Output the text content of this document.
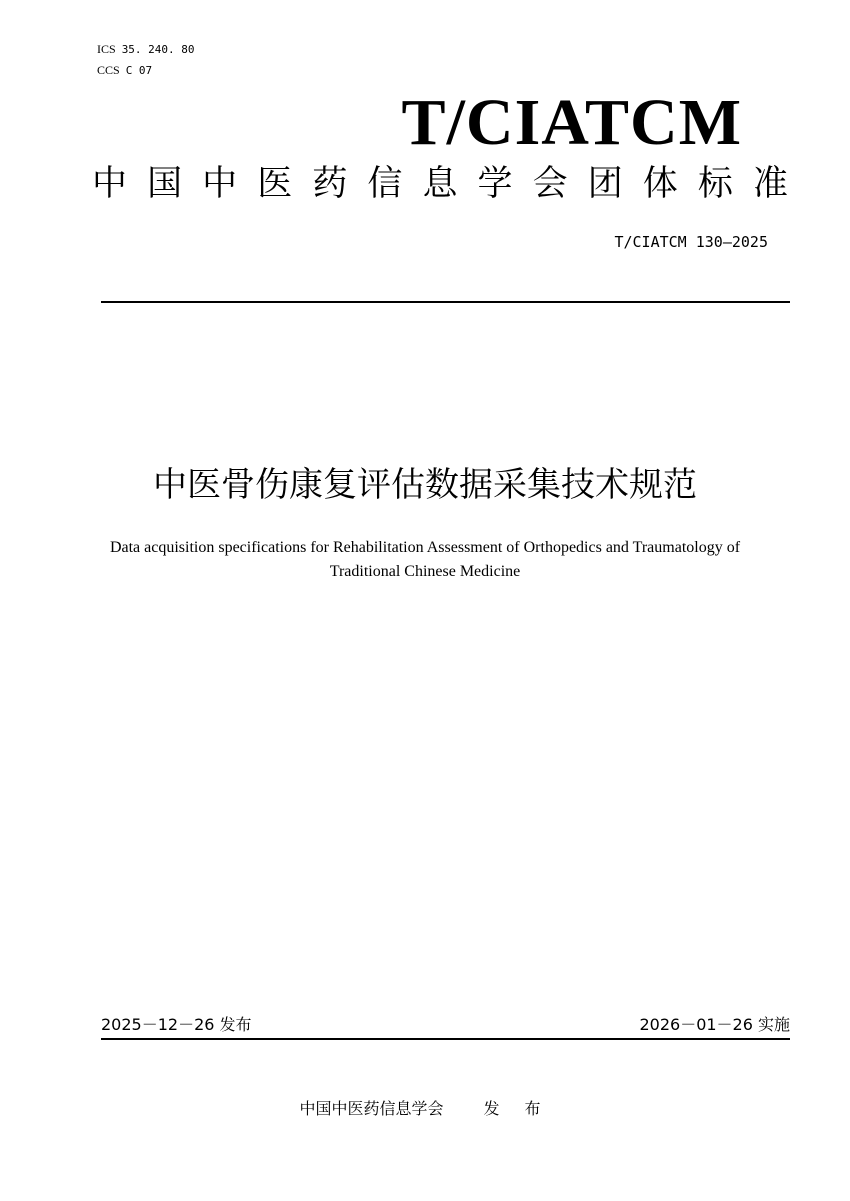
ICS 35. 240. 80
CCS C 07
T/CIATCM
中 国 中 医 药 信 息 学 会 团 体 标 准
T/CIATCM 130—2025
中医骨伤康复评估数据采集技术规范
Data acquisition specifications for Rehabilitation Assessment of Orthopedics and Traumatology of Traditional Chinese Medicine
2025－12－26 发布	2026－01－26 实施
中国中医药信息学会	发 布
